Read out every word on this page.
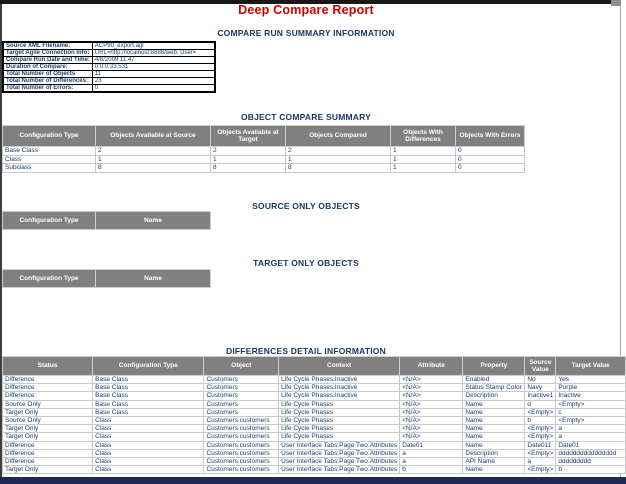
Deep Compare Report
COMPARE RUN SUMMARY INFORMATION
Source XML Filename:	ACP90_export.agl
Target Agile Connection Info:	URL=http://localhost:8888/web; User=
Compare Run Date and Time:	4/8/2009 11:47
Duration of Compare:	0:0:0:33.531
Total Number of Objects	11
Total Number of Differences:	23
Total Number of Errors:	0
OBJECT COMPARE SUMMARY
Configuration Type	Objects Available at Source	Objects Available at Target	Objects Compared	Objects With Differences	Objects With Errors
Base Class	2	2	2	1	0
Class	1	1	1	1	0
Subclass	8	8	8	1	0
SOURCE ONLY OBJECTS
Configuration Type	Name
TARGET ONLY OBJECTS
Configuration Type	Name
DIFFERENCES DETAIL INFORMATION
Status	Configuration Type	Object	Context	Attribute	Property	Source Value	Target Value
Difference	Base Class	Customers	Life Cycle Phases.Inactive	<N/A>	Enabled	No	Yes
Difference	Base Class	Customers	Life Cycle Phases.Inactive	<N/A>	Status Stamp Color	Navy	Purple
Difference	Base Class	Customers	Life Cycle Phases.Inactive	<N/A>	Description	Inactive1	Inactive
Source Only	Base Class	Customers	Life Cycle Phases	<N/A>	Name	d	<Empty>
Target Only	Base Class	Customers	Life Cycle Phases	<N/A>	Name	<Empty>	c
Source Only	Class	Customers.customers	Life Cycle Phases	<N/A>	Name	b	<Empty>
Target Only	Class	Customers.customers	Life Cycle Phases	<N/A>	Name	<Empty>	a
Target Only	Class	Customers.customers	Life Cycle Phases	<N/A>	Name	<Empty>	a
Difference	Class	Customers.customers	User Interface Tabs.Page Two.Attributes	Date01	Name	Date011	Date01
Difference	Class	Customers.customers	User Interface Tabs.Page Two.Attributes	a	Description	<Empty>	dddddddddddddddd
Difference	Class	Customers.customers	User Interface Tabs.Page Two.Attributes	a	API Name	a	ddddddddd
Target Only	Class	Customers.customers	User Interface Tabs.Page Two.Attributes	b	Name	<Empty>	b
